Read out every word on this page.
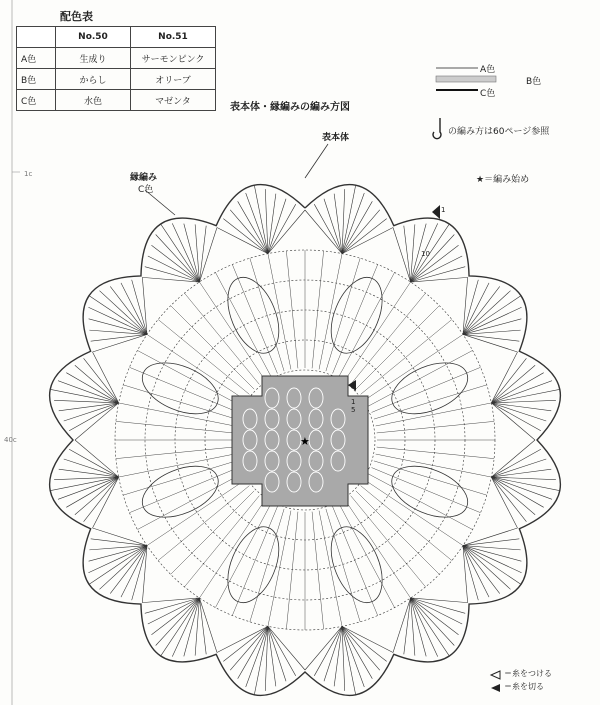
配色表
	No.50	No.51
A色	生成り	サーモンピンク
B色	からし	オリーブ
C色	水色	マゼンタ
A色
B色
C色
の編み方は60ページ参照
表本体・縁編みの編み方図
表本体
縁編み
C色
★＝編み始め
1c
40c	★
1
10
1
5
＝糸をつける
＝糸を切る
